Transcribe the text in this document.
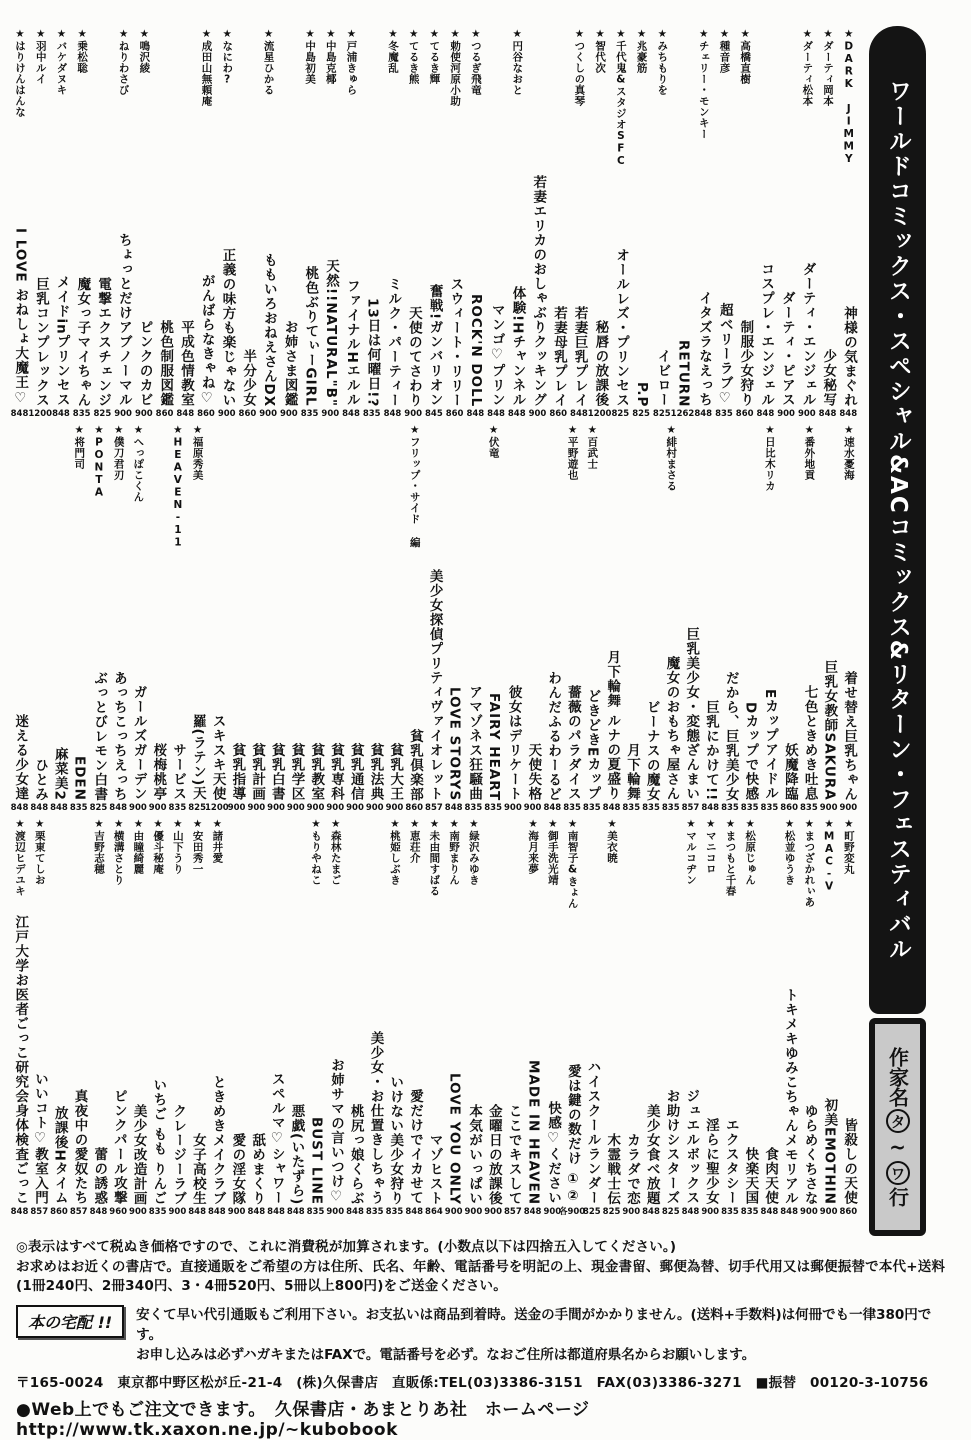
ワールドコミックス・スペシャル&ACコミックス&リターン・フェスティバル
作家名タ~ワ行
★DARK JIMMY
神様の気まぐれ
848
★ダーティ岡本
少女秘写
848
★ダーティ松本
ダーティ・エンジェル
900
ダーティ・ピアス
900
コスプレ・エンジェル
848
★高橋直樹
制服少女狩り
860
★種音彦
超ベリーラブ♡
835
★チェリー・モンキー
イタズラなえっち
848
RETURN
1262
★みちもりを
イビロー
825
★兆豪筋
P.P
825
★千代鬼&スタジオSFC
オールレズ・プリンセス
825
★智代次
秘唇の放課後
1200
★つくしの真琴
若妻巨乳プレイ
848
若妻母乳プレイ
860
若妻エリカのおしゃぶりクッキング
900
★円谷なおと
体験!Hチャンネル
848
マンゴ♡プリン
848
★つるぎ飛竜
ROCK'N DOLL
848
★勅使河原小助
スウィート・リリー
860
★てるき輝
奮戦!ガンバリオン
845
★てるき熊
天使のてさわり
900
★冬魔乱
ミルク・パーティー
848
13日は何曜日!?
835
★戸浦きゅら
ファイナルHエルル
848
★中島克椰
天然!!NATURAL"B"
900
★中島初美
桃色ぶりてぃーGIRL
835
お姉さま図鑑
900
★流星ひかる
ももいろおねえさんDX
900
半分少女
860
★なにわ?
正義の味方も楽じゃない
900
★成田山無頼庵
がんばらなきゃね♡
860
平成色情教室
848
桃色制服図鑑
860
★鳴沢綾
ピンクのカビ
900
★ねりわさび
ちょっとだけアブノーマル
900
電撃エクスチェンジ
825
★乗松聡
魔女っ子マイちゃん
835
★バケダヌキ
メイドinプリンセス
848
★羽中ルイ
巨乳コンプレックス
1200
★はりけんはんな
I LOVE おねしょ大魔王♡
848
★速水憂海
着せ替え巨乳ちゃん
900
巨乳女教師SAKURA
900
★番外地貢
七色ときめき吐息
835
妖魔降臨
860
★日比木リカ
Eカップアイドル
835
Dカップで快感
835
だから、巨乳美少女
835
巨乳にかけて!!
848
巨乳美少女・変態ざんまい
857
★緋村まさる
魔女のおもちゃ屋さん
835
ビーナスの魔女
835
月下輪舞
835
月下輪舞 ルナの夏盛り
848
★百武士
どきどきEカップ
835
★平野遊也
薔薇のパラダイス
835
わんだふるわーるど
848
天使失格
900
彼女はデリケート
900
★伏竜
FAIRY HEART
835
アマゾネス狂騒曲
835
LOVE STORYS
848
美少女探偵プリティヴァイオレット
857
★フリップ・サイド 編
貧乳倶楽部
860
貧乳大王
900
貧乳法典
900
貧乳通信
900
貧乳専科
900
貧乳教室
900
貧乳学区
900
貧乳白書
900
貧乳計画
900
貧乳指導
900
スキスキ天使
1200
★福原秀美
羅(ラテン)天
825
★HEAVEN-11
サービス
835
桜梅桃亭
900
★へっぽこくん
ガールズガーデン
900
★僕刀君刃
あっちこっちえっち
848
★PONTA
ぶっとびレモン白書
825
★将門司
EDEN
835
麻菜美2
848
ひとみ
848
迷える少女達
848
★町野変丸
皆殺しの天使
860
★MAC-V
初美EMOTHIN
900
★まつざかれぃあ
ゆらめくちさな
900
★松並ゆうき
トキメキゆみこちゃんメモリアル
848
食肉天使
848
★松原じゅん
快楽天国
835
★まつもと千春
エクスタシー
835
★マニコロ
淫らに聖少女
900
★マルコヂン
ジュエルボックス
848
お助けシスターズ
825
美少女食べ放題
848
カラダで恋
900
★美衣暁
木霊戦士伝
825
ハイスクールランダー
825
★南智子&きょん
愛は鍵の数だけ ①②
各900
★御手洗光靖
快感♡ください
900
★海月来夢
MADE IN HEAVEN
848
ここでキスして
857
金曜日の放課後
900
★緑沢みゆき
本気がいっぱい
900
★南野まりん
LOVE YOU ONLY
900
★未由間すばる
マゾヒスト
864
★恵荘介
愛だけでイカせて
848
★桃姫しぶき
いけない美少女狩り
835
美少女・お仕置きしちゃう
835
桃尻っ娘くらぶ
848
★森林たまご
お姉サマの言いつけ♡
900
★もりやねこ
BUST LINE
835
悪戯(いたずら)
848
スペルマ♡シャワー
848
舐めまくり
848
愛の淫女隊
900
★諸井愛
ときめきメイクラブ
848
★安田秀一
女子高校生
848
★山下うり
クレージーラブ
900
★優斗秘庵
いちご もも りんご
835
★由瞳綺麗
美少女改造計画
900
★横溝さとり
ピンクパール攻撃
960
★吉野志穂
蕾の誘惑
848
真夜中の愛奴たち
857
放課後Hタイム
860
★栗東てしお
いいコト♡教室入門
857
★渡辺ヒデユキ
江戸大学お医者ごっこ研究会身体検査ごっこ
848
◎表示はすべて税ぬき価格ですので、これに消費税が加算されます。(小数点以下は四捨五入してください。)
お求めはお近くの書店で。直接通販をご希望の方は住所、氏名、年齢、電話番号を明記の上、現金書留、郵便為替、切手代用又は郵便振替で本代+送料
(1冊240円、2冊340円、3・4冊520円、5冊以上800円)をご送金ください。
本の宅配 !!	安くて早い代引通販もご利用下さい。お支払いは商品到着時。送金の手間がかかりません。(送料+手数料)は何冊でも一律380円です。
お申し込みは必ずハガキまたはFAXで。電話番号を必ず。なおご住所は都道府県名からお願いします。
〒165-0024　東京都中野区松が丘-21-4　(株)久保書店　直販係:TEL(03)3386-3151　FAX(03)3386-3271　■振替　00120-3-10756
●Web上でもご注文できます。　久保書店・あまとりあ社　ホームページhttp://www.tk.xaxon.ne.jp/~kubobook
